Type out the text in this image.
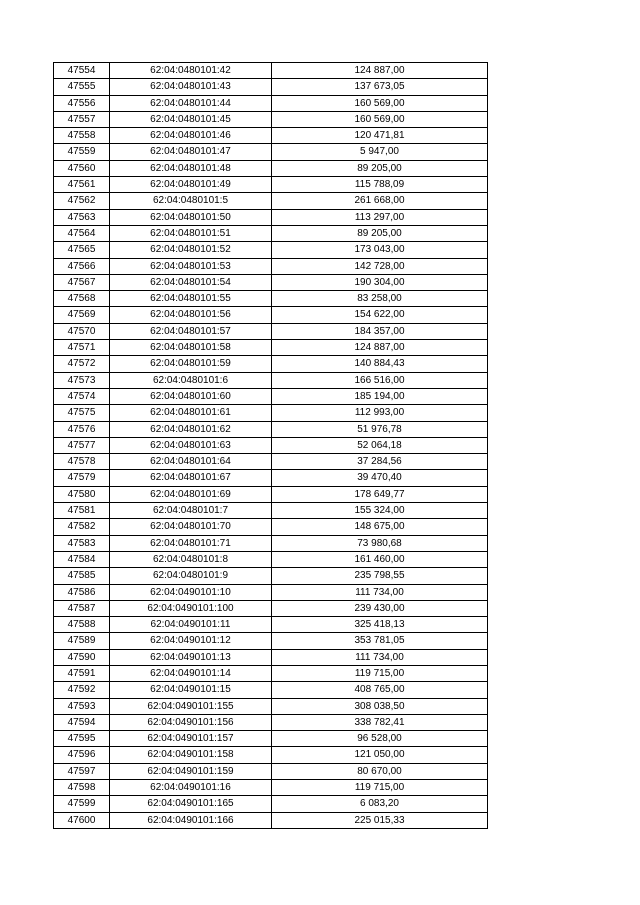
47554	62:04:0480101:42	124 887,00
47555	62:04:0480101:43	137 673,05
47556	62:04:0480101:44	160 569,00
47557	62:04:0480101:45	160 569,00
47558	62:04:0480101:46	120 471,81
47559	62:04:0480101:47	5 947,00
47560	62:04:0480101:48	89 205,00
47561	62:04:0480101:49	115 788,09
47562	62:04:0480101:5	261 668,00
47563	62:04:0480101:50	113 297,00
47564	62:04:0480101:51	89 205,00
47565	62:04:0480101:52	173 043,00
47566	62:04:0480101:53	142 728,00
47567	62:04:0480101:54	190 304,00
47568	62:04:0480101:55	83 258,00
47569	62:04:0480101:56	154 622,00
47570	62:04:0480101:57	184 357,00
47571	62:04:0480101:58	124 887,00
47572	62:04:0480101:59	140 884,43
47573	62:04:0480101:6	166 516,00
47574	62:04:0480101:60	185 194,00
47575	62:04:0480101:61	112 993,00
47576	62:04:0480101:62	51 976,78
47577	62:04:0480101:63	52 064,18
47578	62:04:0480101:64	37 284,56
47579	62:04:0480101:67	39 470,40
47580	62:04:0480101:69	178 649,77
47581	62:04:0480101:7	155 324,00
47582	62:04:0480101:70	148 675,00
47583	62:04:0480101:71	73 980,68
47584	62:04:0480101:8	161 460,00
47585	62:04:0480101:9	235 798,55
47586	62:04:0490101:10	111 734,00
47587	62:04:0490101:100	239 430,00
47588	62:04:0490101:11	325 418,13
47589	62:04:0490101:12	353 781,05
47590	62:04:0490101:13	111 734,00
47591	62:04:0490101:14	119 715,00
47592	62:04:0490101:15	408 765,00
47593	62:04:0490101:155	308 038,50
47594	62:04:0490101:156	338 782,41
47595	62:04:0490101:157	96 528,00
47596	62:04:0490101:158	121 050,00
47597	62:04:0490101:159	80 670,00
47598	62:04:0490101:16	119 715,00
47599	62:04:0490101:165	6 083,20
47600	62:04:0490101:166	225 015,33
